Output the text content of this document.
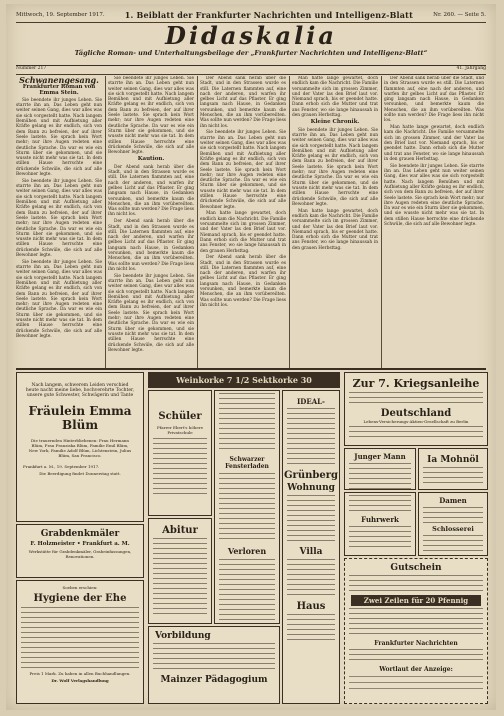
Mittwoch, 19. September 1917.	1. Beiblatt der Frankfurter Nachrichten und Intelligenz-Blatt	Nr. 260. — Seite 5.
Didaskalia
Tägliche Roman- und Unterhaltungsbeilage der „Frankfurter Nachrichten und Intelligenz-Blatt“
Nummer 217	41. Jahrgang
Schwanengesang.
Frankfurter Roman von Emma Stein.

Sie beendete ihr junges Leben. Sie starrte ihn an. Das Leben geht nun weiter seinen Gang, dies war alles was sie sich vorgestellt hatte. Nach langem Bemühen und mit Aufbietung aller Kräfte gelang es ihr endlich, sich von dem Bann zu befreien, der auf ihrer Seele lastete. Sie sprach kein Wort mehr; nur ihre Augen redeten eine deutliche Sprache. Da war es wie ein Sturm über sie gekommen, und sie wusste nicht mehr was sie tat. In dem stillen Hause herrschte eine drückende Schwüle, die sich auf alle Bewohner legte.

Sie beendete ihr junges Leben. Sie starrte ihn an. Das Leben geht nun weiter seinen Gang, dies war alles was sie sich vorgestellt hatte. Nach langem Bemühen und mit Aufbietung aller Kräfte gelang es ihr endlich, sich von dem Bann zu befreien, der auf ihrer Seele lastete. Sie sprach kein Wort mehr; nur ihre Augen redeten eine deutliche Sprache. Da war es wie ein Sturm über sie gekommen, und sie wusste nicht mehr was sie tat. In dem stillen Hause herrschte eine drückende Schwüle, die sich auf alle Bewohner legte.

Sie beendete ihr junges Leben. Sie starrte ihn an. Das Leben geht nun weiter seinen Gang, dies war alles was sie sich vorgestellt hatte. Nach langem Bemühen und mit Aufbietung aller Kräfte gelang es ihr endlich, sich von dem Bann zu befreien, der auf ihrer Seele lastete. Sie sprach kein Wort mehr; nur ihre Augen redeten eine deutliche Sprache. Da war es wie ein Sturm über sie gekommen, und sie wusste nicht mehr was sie tat. In dem stillen Hause herrschte eine drückende Schwüle, die sich auf alle Bewohner legte.

Sie beendete ihr junges Leben. Sie starrte ihn an. Das Leben geht nun weiter seinen Gang, dies war alles was sie sich vorgestellt hatte. Nach langem Bemühen und mit Aufbietung aller Kräfte gelang es ihr endlich, sich von dem Bann zu befreien, der auf ihrer Seele lastete. Sie sprach kein Wort mehr; nur ihre Augen redeten eine deutliche Sprache. Da war es wie ein Sturm über sie gekommen, und sie wusste nicht mehr was sie tat. In dem stillen Hause herrschte eine drückende Schwüle, die sich auf alle Bewohner legte.

Kaution.

Der Abend sank herab über die Stadt, und in den Strassen wurde es still. Die Laternen flammten auf, eine nach der anderen, und warfen ihr gelbes Licht auf das Pflaster. Er ging langsam nach Hause, in Gedanken versunken, und bemerkte kaum die Menschen, die an ihm vorübereilten. Was sollte nun werden? Die Frage liess ihn nicht los.

Der Abend sank herab über die Stadt, und in den Strassen wurde es still. Die Laternen flammten auf, eine nach der anderen, und warfen ihr gelbes Licht auf das Pflaster. Er ging langsam nach Hause, in Gedanken versunken, und bemerkte kaum die Menschen, die an ihm vorübereilten. Was sollte nun werden? Die Frage liess ihn nicht los.

Sie beendete ihr junges Leben. Sie starrte ihn an. Das Leben geht nun weiter seinen Gang, dies war alles was sie sich vorgestellt hatte. Nach langem Bemühen und mit Aufbietung aller Kräfte gelang es ihr endlich, sich von dem Bann zu befreien, der auf ihrer Seele lastete. Sie sprach kein Wort mehr; nur ihre Augen redeten eine deutliche Sprache. Da war es wie ein Sturm über sie gekommen, und sie wusste nicht mehr was sie tat. In dem stillen Hause herrschte eine drückende Schwüle, die sich auf alle Bewohner legte.

Der Abend sank herab über die Stadt, und in den Strassen wurde es still. Die Laternen flammten auf, eine nach der anderen, und warfen ihr gelbes Licht auf das Pflaster. Er ging langsam nach Hause, in Gedanken versunken, und bemerkte kaum die Menschen, die an ihm vorübereilten. Was sollte nun werden? Die Frage liess ihn nicht los.

Sie beendete ihr junges Leben. Sie starrte ihn an. Das Leben geht nun weiter seinen Gang, dies war alles was sie sich vorgestellt hatte. Nach langem Bemühen und mit Aufbietung aller Kräfte gelang es ihr endlich, sich von dem Bann zu befreien, der auf ihrer Seele lastete. Sie sprach kein Wort mehr; nur ihre Augen redeten eine deutliche Sprache. Da war es wie ein Sturm über sie gekommen, und sie wusste nicht mehr was sie tat. In dem stillen Hause herrschte eine drückende Schwüle, die sich auf alle Bewohner legte.

Man hatte lange gewartet, doch endlich kam die Nachricht. Die Familie versammelte sich im grossen Zimmer, und der Vater las den Brief laut vor. Niemand sprach, bis er geendet hatte. Dann erhob sich die Mutter und trat ans Fenster, wo sie lange hinaussah in den grauen Herbsttag.

Der Abend sank herab über die Stadt, und in den Strassen wurde es still. Die Laternen flammten auf, eine nach der anderen, und warfen ihr gelbes Licht auf das Pflaster. Er ging langsam nach Hause, in Gedanken versunken, und bemerkte kaum die Menschen, die an ihm vorübereilten. Was sollte nun werden? Die Frage liess ihn nicht los.

Man hatte lange gewartet, doch endlich kam die Nachricht. Die Familie versammelte sich im grossen Zimmer, und der Vater las den Brief laut vor. Niemand sprach, bis er geendet hatte. Dann erhob sich die Mutter und trat ans Fenster, wo sie lange hinaussah in den grauen Herbsttag.

Kleine Chronik.

Sie beendete ihr junges Leben. Sie starrte ihn an. Das Leben geht nun weiter seinen Gang, dies war alles was sie sich vorgestellt hatte. Nach langem Bemühen und mit Aufbietung aller Kräfte gelang es ihr endlich, sich von dem Bann zu befreien, der auf ihrer Seele lastete. Sie sprach kein Wort mehr; nur ihre Augen redeten eine deutliche Sprache. Da war es wie ein Sturm über sie gekommen, und sie wusste nicht mehr was sie tat. In dem stillen Hause herrschte eine drückende Schwüle, die sich auf alle Bewohner legte.

Man hatte lange gewartet, doch endlich kam die Nachricht. Die Familie versammelte sich im grossen Zimmer, und der Vater las den Brief laut vor. Niemand sprach, bis er geendet hatte. Dann erhob sich die Mutter und trat ans Fenster, wo sie lange hinaussah in den grauen Herbsttag.

Der Abend sank herab über die Stadt, und in den Strassen wurde es still. Die Laternen flammten auf, eine nach der anderen, und warfen ihr gelbes Licht auf das Pflaster. Er ging langsam nach Hause, in Gedanken versunken, und bemerkte kaum die Menschen, die an ihm vorübereilten. Was sollte nun werden? Die Frage liess ihn nicht los.

Man hatte lange gewartet, doch endlich kam die Nachricht. Die Familie versammelte sich im grossen Zimmer, und der Vater las den Brief laut vor. Niemand sprach, bis er geendet hatte. Dann erhob sich die Mutter und trat ans Fenster, wo sie lange hinaussah in den grauen Herbsttag.

Sie beendete ihr junges Leben. Sie starrte ihn an. Das Leben geht nun weiter seinen Gang, dies war alles was sie sich vorgestellt hatte. Nach langem Bemühen und mit Aufbietung aller Kräfte gelang es ihr endlich, sich von dem Bann zu befreien, der auf ihrer Seele lastete. Sie sprach kein Wort mehr; nur ihre Augen redeten eine deutliche Sprache. Da war es wie ein Sturm über sie gekommen, und sie wusste nicht mehr was sie tat. In dem stillen Hause herrschte eine drückende Schwüle, die sich auf alle Bewohner legte.

Nach langem, schwerem Leiden verschied heute nacht meine liebe, hochverehrte Tochter, unsere gute Schwester, Schwägerin und Tante
Fräulein Emma Blüm
Die trauernden Hinterbliebenen: Frau Hermann Blüm, Frau Franziska Blüm, Familie Emil Blüm, New York, Familie Adolf Blüm, Lichtenstein, Julius Blüm, San Francisco.
Frankfurt a. M., 19. September 1917.
Die Beerdigung findet Donnerstag statt.
Grabdenkmäler
F. Holzmeister • Frankfurt a. M.
Werkstätte für Grabdenkmäler, Grabeinfassungen, Renovationen.
Soeben erschien:
Hygiene der Ehe
Preis 1 Mark. Zu haben in allen Buchhandlungen.
Dr. Wolf Verlagshandlung
Weinkorke 7 1/2 Sektkorke 30
Schüler
Pfarrer Ebert's höhere Privatschule
Abitur
Vorbildung
Mainzer Pädagogium
Schwarzer Fensterladen
Verloren
IDEAL-
Grünberg
Wohnung
Villa
Haus
Zur 7. Kriegsanleihe
Deutschland
Lebens-Versicherungs-Aktien-Gesellschaft zu Berlin
Junger Mann	Ia Mohnöl
Fuhrwerk
Damen
Schlosserei
Gutschein
Zwei Zeilen für 20 Pfennig
Frankfurter Nachrichten
Wortlaut der Anzeige:
